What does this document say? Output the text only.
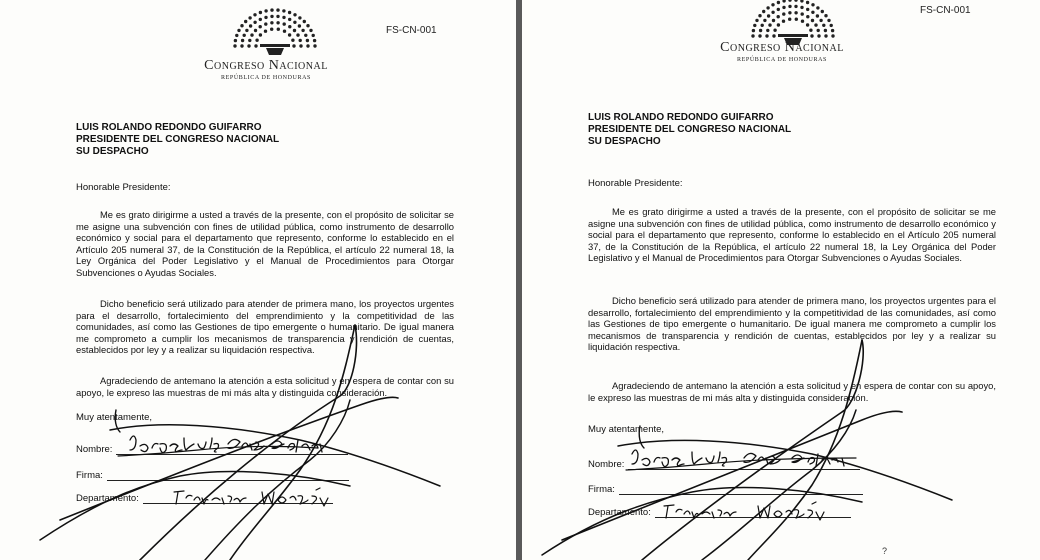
Congreso Nacional
REPÚBLICA DE HONDURAS
FS-CN-001
LUIS ROLANDO REDONDO GUIFARRO
PRESIDENTE DEL CONGRESO NACIONAL
SU DESPACHO
Honorable Presidente:
Me es grato dirigirme a usted a través de la presente, con el propósito de solicitar se me asigne una subvención con fines de utilidad pública, como instrumento de desarrollo económico y social para el departamento que represento, conforme lo establecido en el Artículo 205 numeral 37, de la Constitución de la República, el artículo 22 numeral 18, la Ley Orgánica del Poder Legislativo y el Manual de Procedimientos para Otorgar Subvenciones o Ayudas Sociales.
Dicho beneficio será utilizado para atender de primera mano, los proyectos urgentes para el desarrollo, fortalecimiento del emprendimiento y la competitividad de las comunidades, así como las Gestiones de tipo emergente o humanitario. De igual manera me comprometo a cumplir los mecanismos de transparencia y rendición de cuentas, establecidos por ley y a realizar su liquidación respectiva.
Agradeciendo de antemano la atención a esta solicitud y en espera de contar con su apoyo, le expreso las muestras de mi más alta y distinguida consideración.
Muy atentamente,
Nombre:
Firma:
Departamento:
Congreso Nacional
REPÚBLICA DE HONDURAS
FS-CN-001
LUIS ROLANDO REDONDO GUIFARRO
PRESIDENTE DEL CONGRESO NACIONAL
SU DESPACHO
Honorable Presidente:
Me es grato dirigirme a usted a través de la presente, con el propósito de solicitar se me asigne una subvención con fines de utilidad pública, como instrumento de desarrollo económico y social para el departamento que represento, conforme lo establecido en el Artículo 205 numeral 37, de la Constitución de la República, el artículo 22 numeral 18, la Ley Orgánica del Poder Legislativo y el Manual de Procedimientos para Otorgar Subvenciones o Ayudas Sociales.
Dicho beneficio será utilizado para atender de primera mano, los proyectos urgentes para el desarrollo, fortalecimiento del emprendimiento y la competitividad de las comunidades, así como las Gestiones de tipo emergente o humanitario. De igual manera me comprometo a cumplir los mecanismos de transparencia y rendición de cuentas, establecidos por ley y a realizar su liquidación respectiva.
Agradeciendo de antemano la atención a esta solicitud y en espera de contar con su apoyo, le expreso las muestras de mi más alta y distinguida consideración.
Muy atentamente,
Nombre:
Firma:
Departamento:
?
